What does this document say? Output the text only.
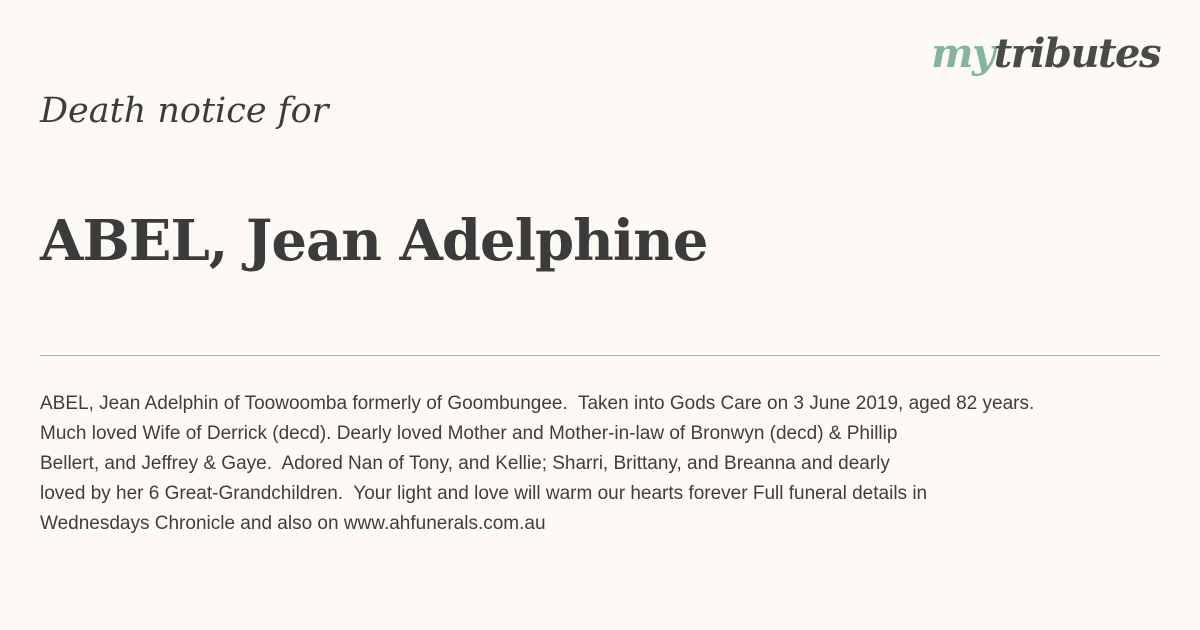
mytributes
Death notice for
ABEL, Jean Adelphine
ABEL, Jean Adelphin of Toowoomba formerly of Goombungee.  Taken into Gods Care on 3 June 2019, aged 82 years.
Much loved Wife of Derrick (decd). Dearly loved Mother and Mother-in-law of Bronwyn (decd) & Phillip
Bellert, and Jeffrey & Gaye.  Adored Nan of Tony, and Kellie; Sharri, Brittany, and Breanna and dearly
loved by her 6 Great-Grandchildren.  Your light and love will warm our hearts forever Full funeral details in
Wednesdays Chronicle and also on www.ahfunerals.com.au
